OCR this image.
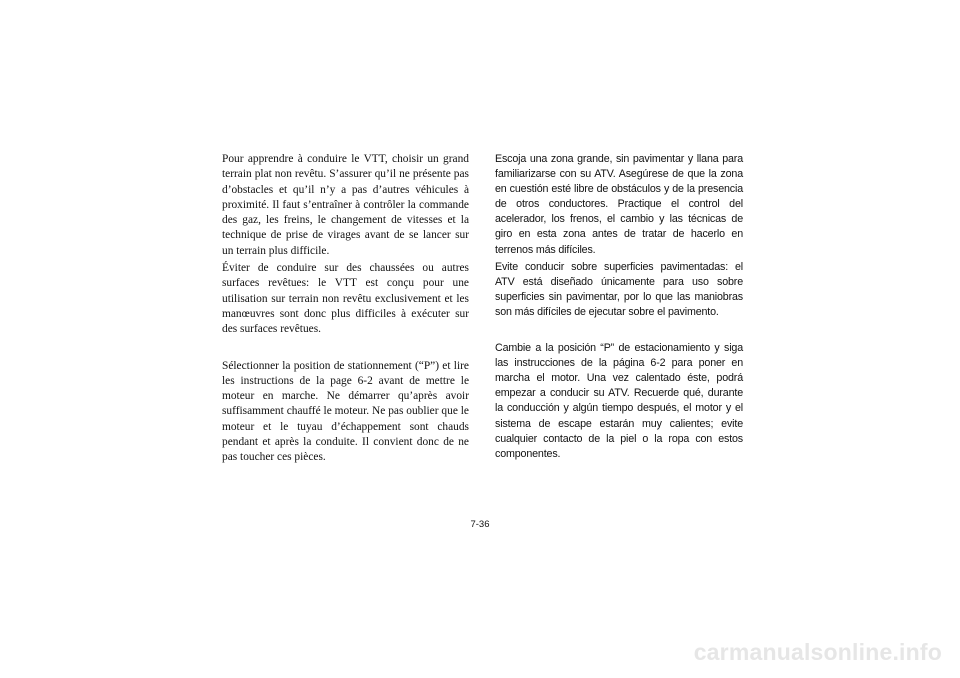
Pour apprendre à conduire le VTT, choisir un grand terrain plat non revêtu. S’assurer qu’il ne présente pas d’obstacles et qu’il n’y a pas d’autres véhicules à proximité. Il faut s’entraîner à contrôler la commande des gaz, les freins, le changement de vitesses et la technique de prise de virages avant de se lancer sur un terrain plus difficile.

Éviter de conduire sur des chaussées ou autres surfaces revêtues: le VTT est conçu pour une utilisation sur terrain non revêtu exclusivement et les manœuvres sont donc plus difficiles à exécuter sur des surfaces revêtues.

Sélectionner la position de stationnement (“P”) et lire les instructions de la page 6-2 avant de mettre le moteur en marche. Ne démarrer qu’après avoir suffisamment chauffé le moteur. Ne pas oublier que le moteur et le tuyau d’échappement sont chauds pendant et après la conduite. Il convient donc de ne pas toucher ces pièces.

Escoja una zona grande, sin pavimentar y llana para familiarizarse con su ATV. Asegúrese de que la zona en cuestión esté libre de obstáculos y de la presencia de otros conductores. Practique el control del acelerador, los frenos, el cambio y las técnicas de giro en esta zona antes de tratar de hacerlo en terrenos más difíciles.

Evite conducir sobre superficies pavimentadas: el ATV está diseñado únicamente para uso sobre superficies sin pavimentar, por lo que las maniobras son más difíciles de ejecutar sobre el pavimento.

Cambie a la posición “P” de estacionamiento y siga las instrucciones de la página 6-2 para poner en marcha el motor. Una vez calentado éste, podrá empezar a conducir su ATV. Recuerde qué, durante la conducción y algún tiempo después, el motor y el sistema de escape estarán muy calientes; evite cualquier contacto de la piel o la ropa con estos componentes.

7-36
carmanualsonline.info
